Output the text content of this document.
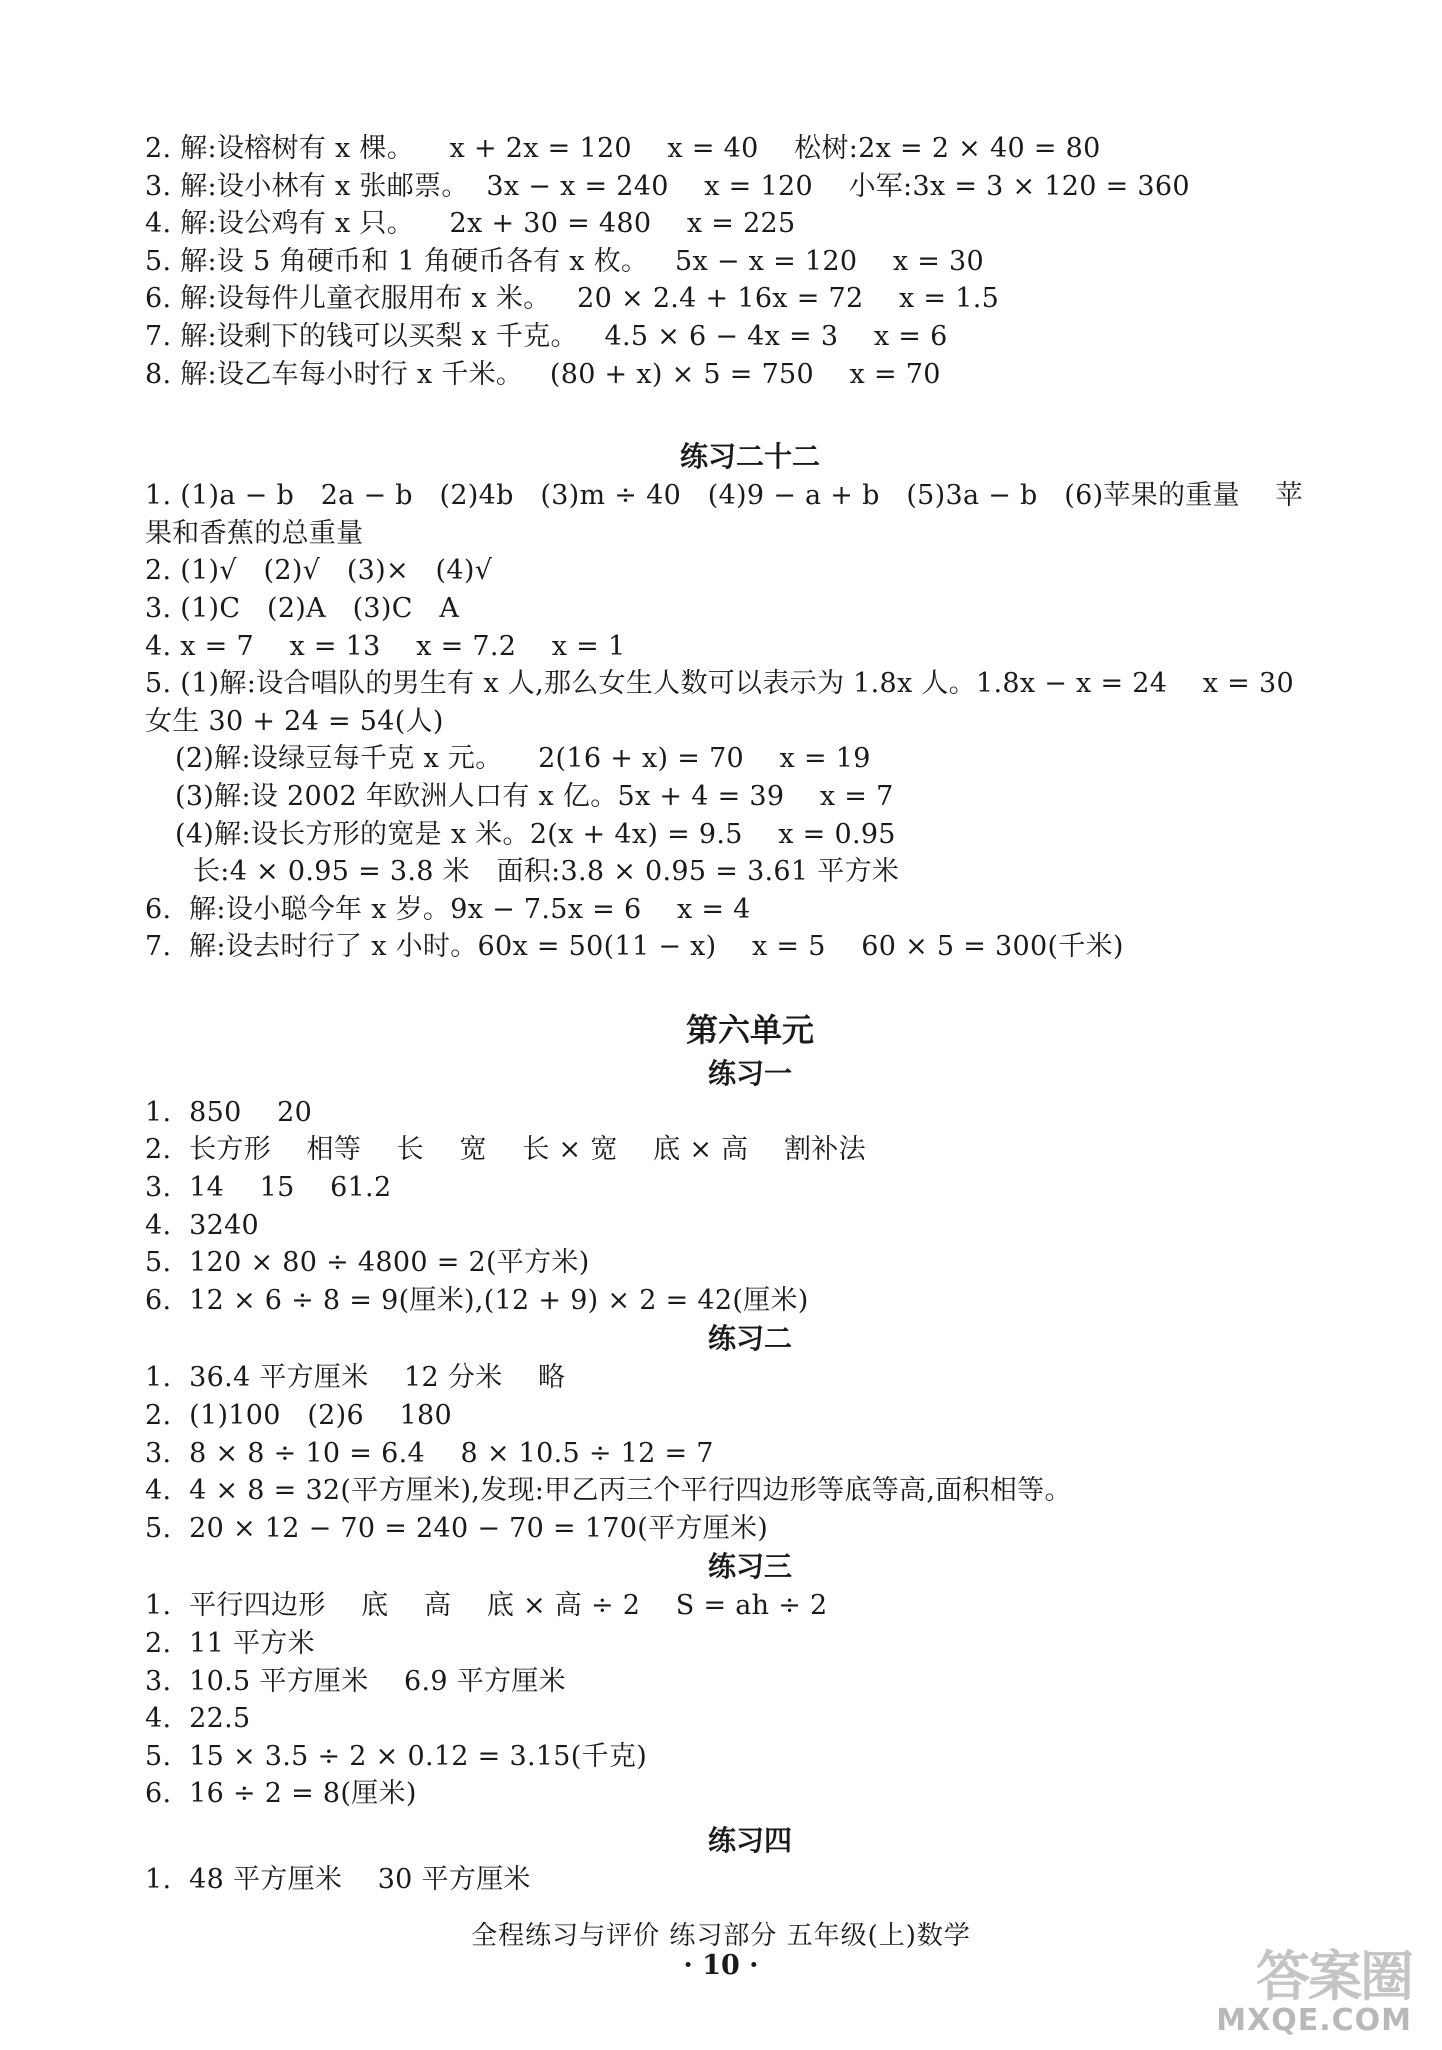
2. 解:设榕树有 x 棵。    x + 2x = 120    x = 40    松树:2x = 2 × 40 = 80
3. 解:设小林有 x 张邮票。  3x − x = 240    x = 120    小军:3x = 3 × 120 = 360
4. 解:设公鸡有 x 只。    2x + 30 = 480    x = 225
5. 解:设 5 角硬币和 1 角硬币各有 x 枚。   5x − x = 120    x = 30
6. 解:设每件儿童衣服用布 x 米。   20 × 2.4 + 16x = 72    x = 1.5
7. 解:设剩下的钱可以买梨 x 千克。   4.5 × 6 − 4x = 3    x = 6
8. 解:设乙车每小时行 x 千米。   (80 + x) × 5 = 750    x = 70
练习二十二
1. (1)a − b   2a − b   (2)4b   (3)m ÷ 40   (4)9 − a + b   (5)3a − b   (6)苹果的重量    苹
果和香蕉的总重量
2. (1)√   (2)√   (3)×   (4)√
3. (1)C   (2)A   (3)C   A
4. x = 7    x = 13    x = 7.2    x = 1
5. (1)解:设合唱队的男生有 x 人,那么女生人数可以表示为 1.8x 人。1.8x − x = 24    x = 30
女生 30 + 24 = 54(人)
(2)解:设绿豆每千克 x 元。    2(16 + x) = 70    x = 19
(3)解:设 2002 年欧洲人口有 x 亿。5x + 4 = 39    x = 7
(4)解:设长方形的宽是 x 米。2(x + 4x) = 9.5    x = 0.95
长:4 × 0.95 = 3.8 米   面积:3.8 × 0.95 = 3.61 平方米
6.  解:设小聪今年 x 岁。9x − 7.5x = 6    x = 4
7.  解:设去时行了 x 小时。60x = 50(11 − x)    x = 5    60 × 5 = 300(千米)
第六单元
练习一
1.  850    20
2.  长方形    相等    长    宽    长 × 宽    底 × 高    割补法
3.  14    15    61.2
4.  3240
5.  120 × 80 ÷ 4800 = 2(平方米)
6.  12 × 6 ÷ 8 = 9(厘米),(12 + 9) × 2 = 42(厘米)
练习二
1.  36.4 平方厘米    12 分米    略
2.  (1)100   (2)6    180
3.  8 × 8 ÷ 10 = 6.4    8 × 10.5 ÷ 12 = 7
4.  4 × 8 = 32(平方厘米),发现:甲乙丙三个平行四边形等底等高,面积相等。
5.  20 × 12 − 70 = 240 − 70 = 170(平方厘米)
练习三
1.  平行四边形    底    高    底 × 高 ÷ 2    S = ah ÷ 2
2.  11 平方米
3.  10.5 平方厘米    6.9 平方厘米
4.  22.5
5.  15 × 3.5 ÷ 2 × 0.12 = 3.15(千克)
6.  16 ÷ 2 = 8(厘米)
练习四
1.  48 平方厘米    30 平方厘米
全程练习与评价 练习部分 五年级(上)数学
· 10 ·	答案圈
MXQE.COM
